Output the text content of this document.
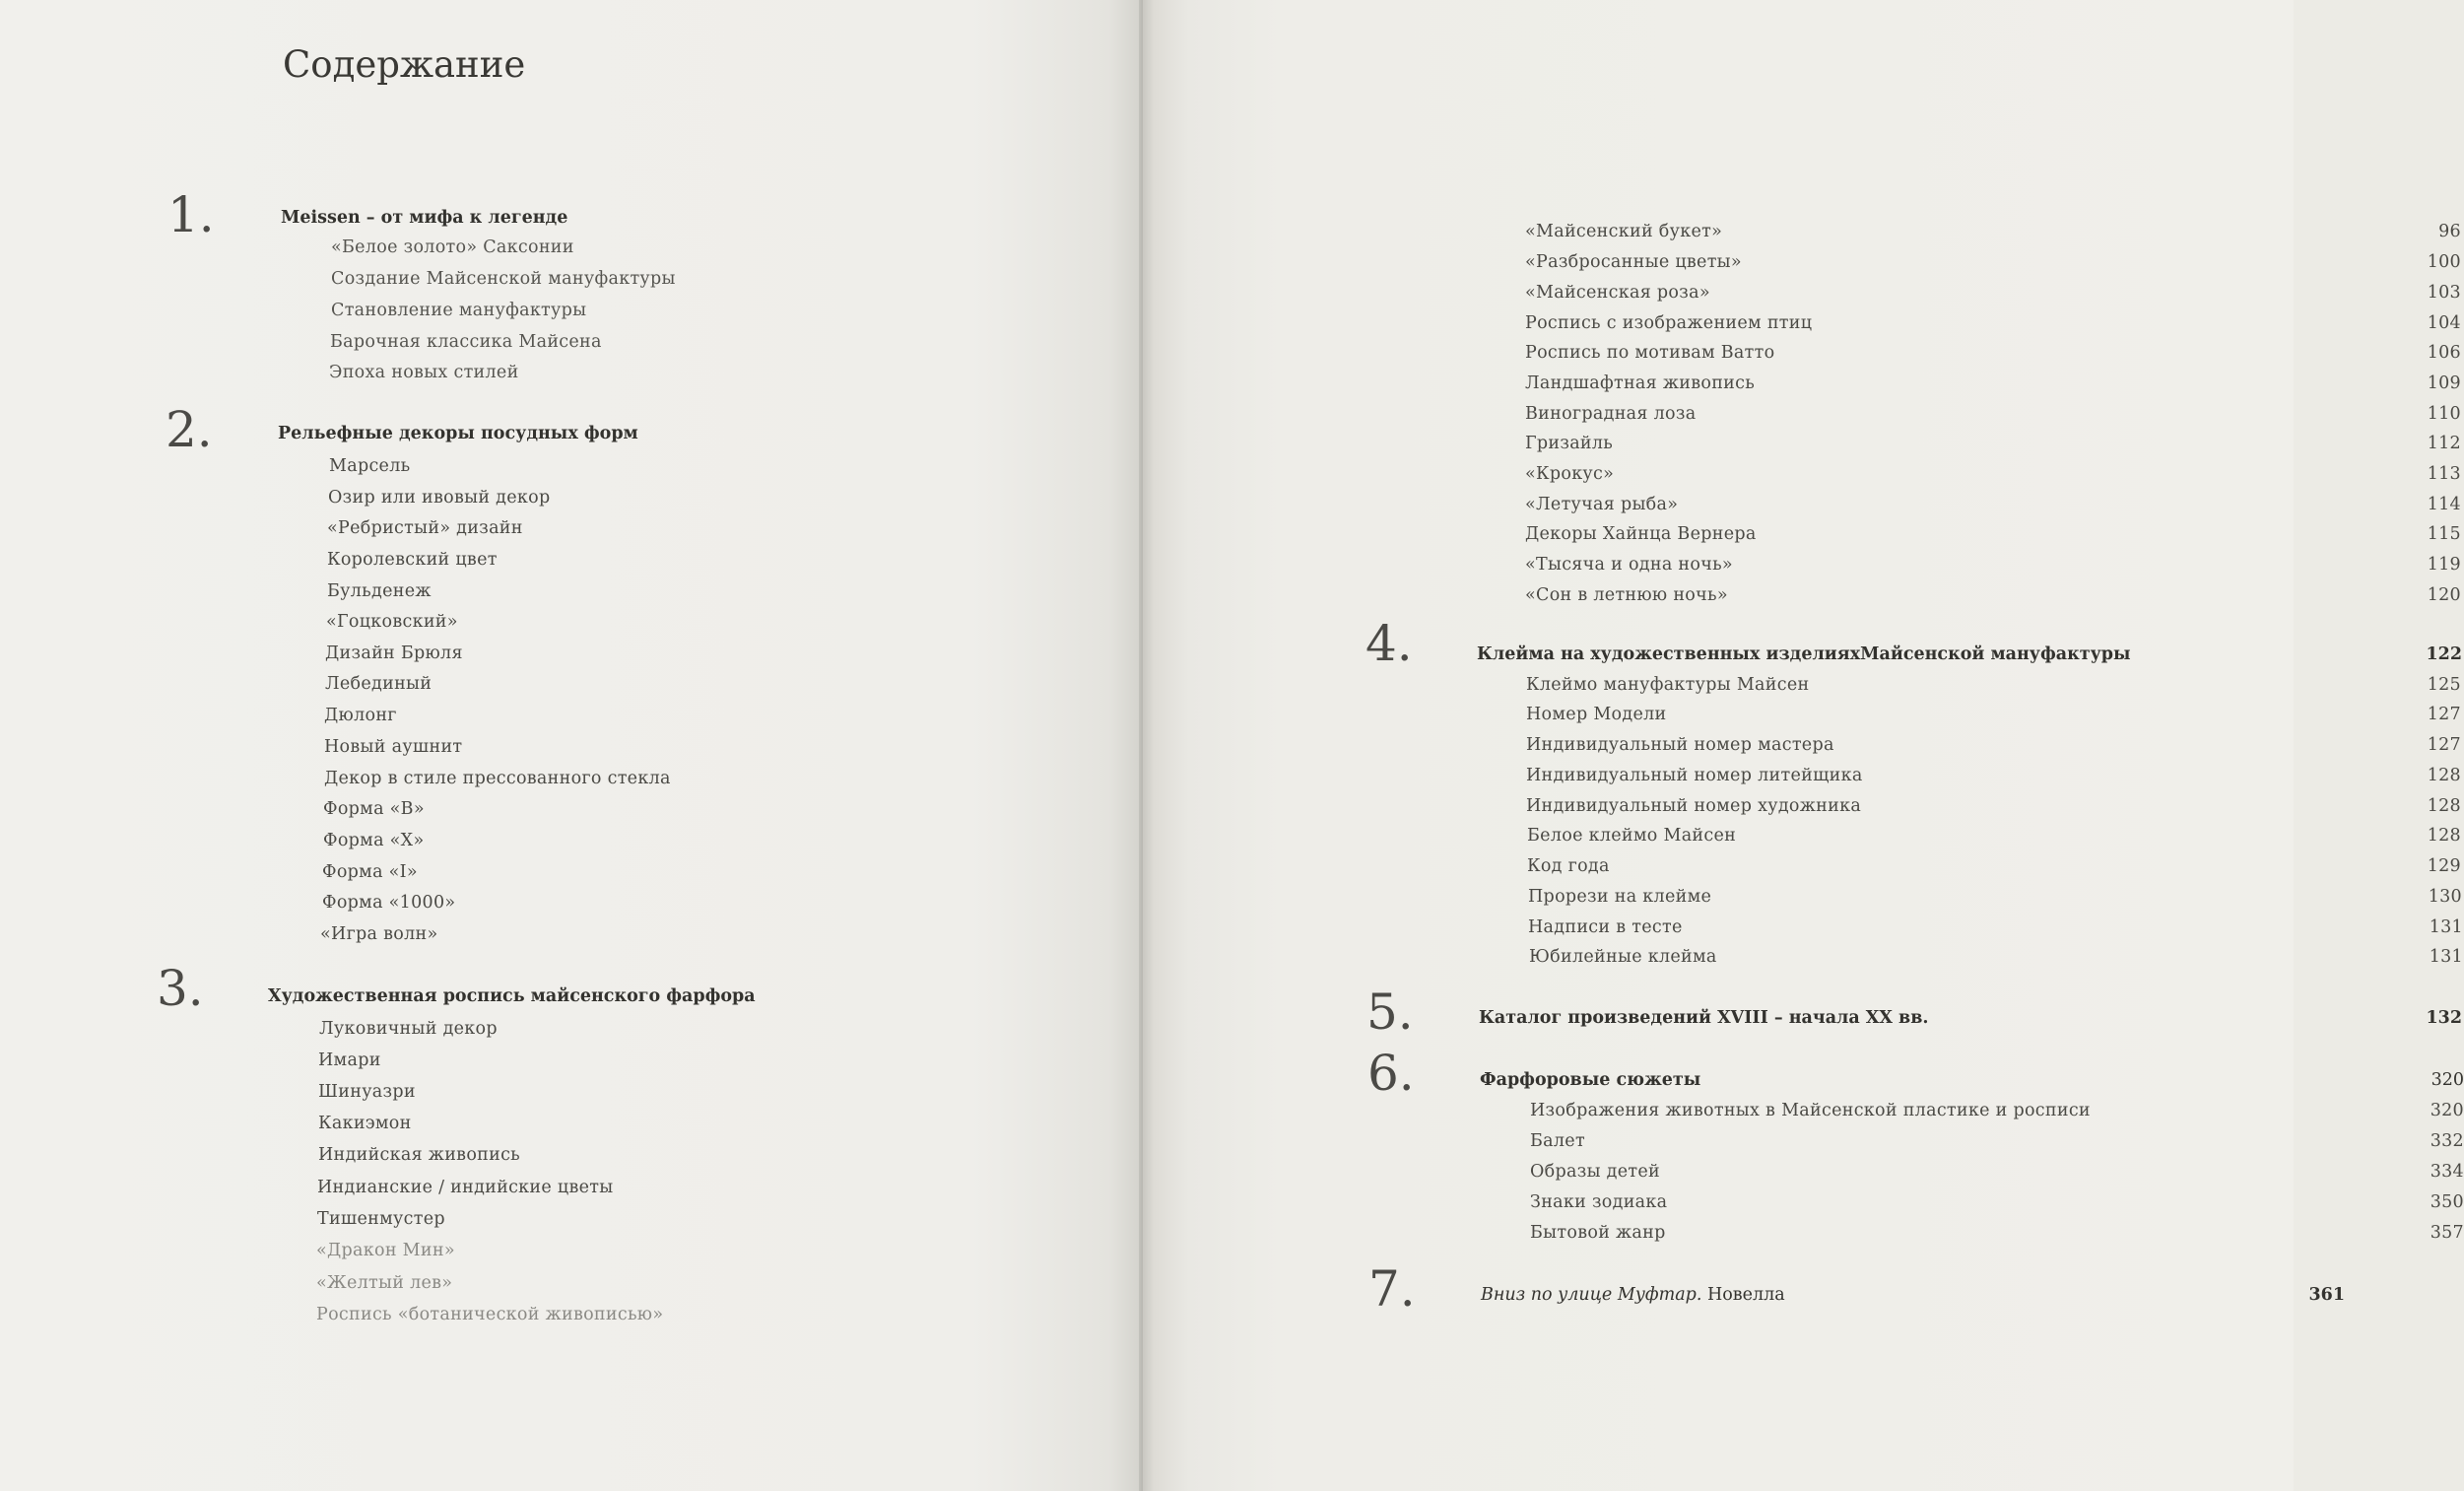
Содержание
1.	Meissen – от мифа к легенде
«Белое золото» Саксонии
Создание Майсенской мануфактуры
Становление мануфактуры
Барочная классика Майсена
Эпоха новых стилей
2.	Рельефные декоры посудных форм
Марсель
Озир или ивовый декор
«Ребристый» дизайн
Королевский цвет
Бульденеж
«Гоцковский»
Дизайн Брюля
Лебединый
Дюлонг
Новый аушнит
Декор в стиле прессованного стекла
Форма «В»
Форма «Х»
Форма «I»
Форма «1000»
«Игра волн»
3.	Художественная роспись майсенского фарфора
Луковичный декор
Имари
Шинуазри
Какиэмон
Индийская живопись
Индианские / индийские цветы
Тишенмустер
«Дракон Мин»
«Желтый лев»
Роспись «ботанической живописью»
«Майсенский букет»	96
«Разбросанные цветы»	100
«Майсенская роза»	103
Роспись с изображением птиц	104
Роспись по мотивам Ватто	106
Ландшафтная живопись	109
Виноградная лоза	110
Гризайль	112
«Крокус»	113
«Летучая рыба»	114
Декоры Хайнца Вернера	115
«Тысяча и одна ночь»	119
«Сон в летнюю ночь»	120
4.	Клейма на художественных изделияхМайсенской мануфактуры	122
Клеймо мануфактуры Майсен	125
Номер Модели	127
Индивидуальный номер мастера	127
Индивидуальный номер литейщика	128
Индивидуальный номер художника	128
Белое клеймо Майсен	128
Код года	129
Прорези на клейме	130
Надписи в тесте	131
Юбилейные клейма	131
5.	Каталог произведений XVIII – начала XX вв.	132
6.	Фарфоровые сюжеты	320
Изображения животных в Майсенской пластике и росписи	320
Балет	332
Образы детей	334
Знаки зодиака	350
Бытовой жанр	357
7.	Вниз по улице Муфтар. Новелла	361
